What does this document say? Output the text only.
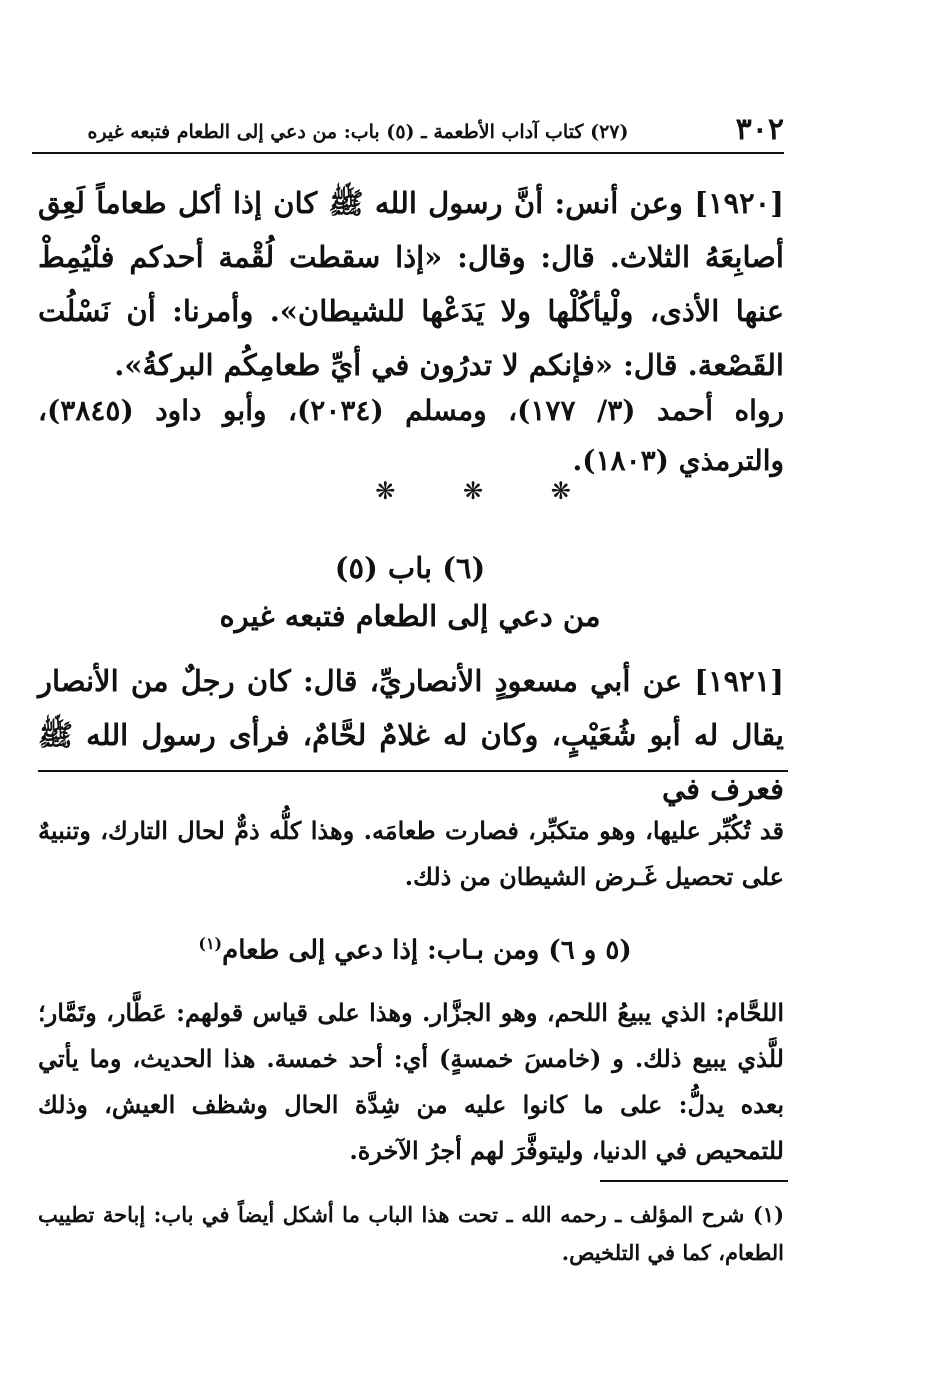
٣٠٢
(٢٧) كتاب آداب الأطعمة ـ (٥) باب: من دعي إلى الطعام فتبعه غيره
[١٩٢٠] وعن أنس: أنَّ رسول الله ﷺ كان إذا أكل طعاماً لَعِق أصابِعَهُ الثلاث. قال: وقال: «إذا سقطت لُقْمة أحدكم فلْيُمِطْ عنها الأذى، ولْيأكُلْها ولا يَدَعْها للشيطان». وأمرنا: أن نَسْلُت القَصْعة. قال: «فإنكم لا تدرُون في أيِّ طعامِكُم البركةُ».
رواه أحمد (٣/ ١٧٧)، ومسلم (٢٠٣٤)، وأبو داود (٣٨٤٥)، والترمذي (١٨٠٣).
❋ ❋ ❋
(٦) باب (٥)
من دعي إلى الطعام فتبعه غيره
[١٩٢١] عن أبي مسعودٍ الأنصاريِّ، قال: كان رجلٌ من الأنصار يقال له أبو شُعَيْبٍ، وكان له غلامٌ لحَّامٌ، فرأى رسول الله ﷺ فعرف في
قد تُكُبِّر عليها، وهو متكبِّر، فصارت طعامَه. وهذا كلُّه ذمٌّ لحال التارك، وتنبيهٌ على تحصيل غَـرض الشيطان من ذلك.
(٥ و ٦) ومن بـاب: إذا دعي إلى طعام$^{(١)}$
اللحَّام: الذي يبيعُ اللحم، وهو الجزَّار. وهذا على قياس قولهم: عَطَّار، وتَمَّار؛ للَّذي يبيع ذلك. و (خامسَ خمسةٍ) أي: أحد خمسة. هذا الحديث، وما يأتي بعده يدلُّ: على ما كانوا عليه من شِدَّة الحال وشظف العيش، وذلك للتمحيص في الدنيا، وليتوفَّرَ لهم أجرُ الآخرة.
(١) شرح المؤلف ـ رحمه الله ـ تحت هذا الباب ما أشكل أيضاً في باب: إباحة تطييب الطعام، كما في التلخيص.
